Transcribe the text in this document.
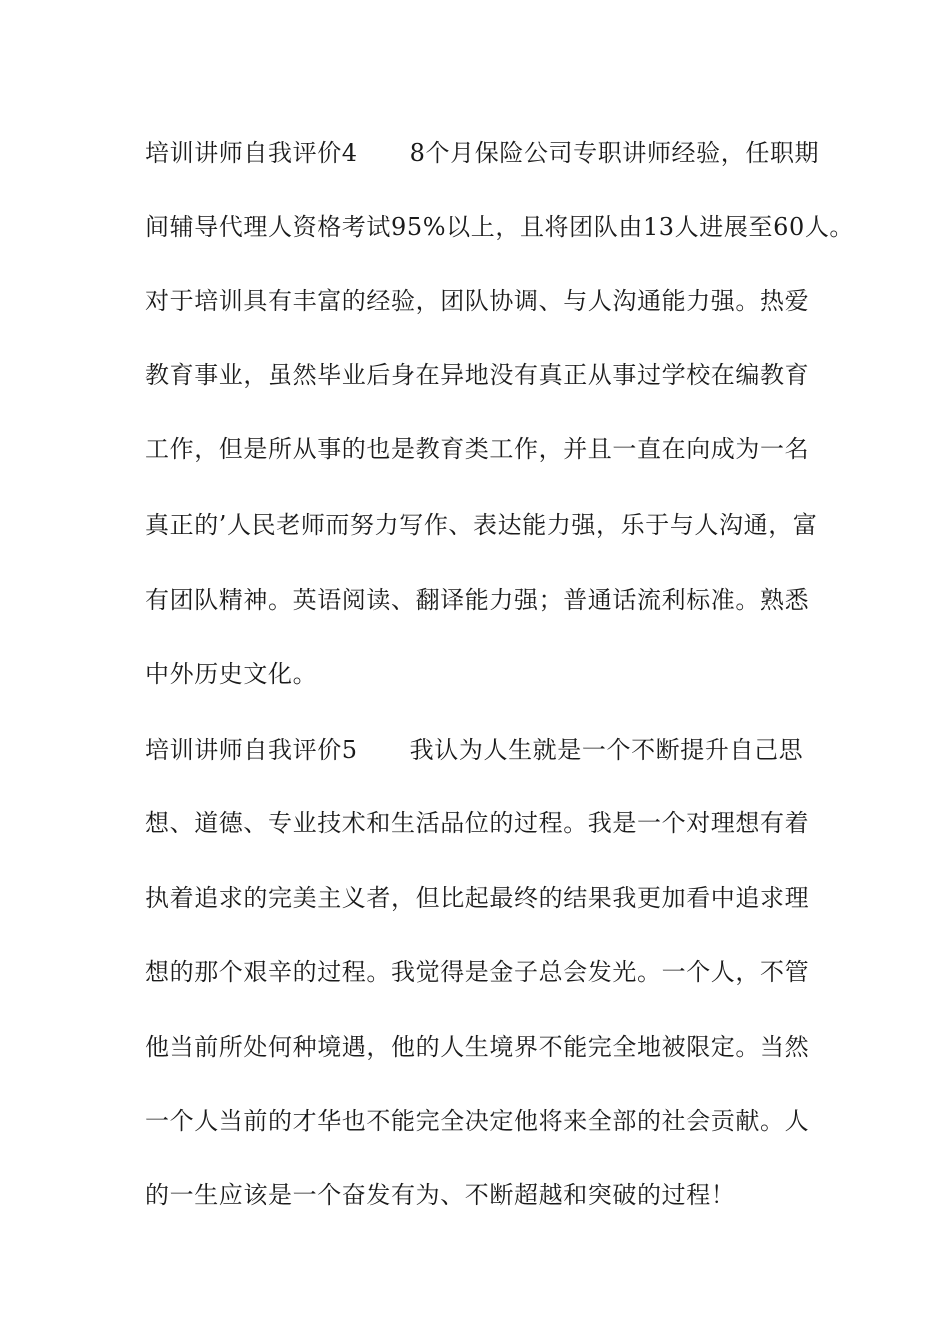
培训讲师自我评价4 8个月保险公司专职讲师经验，任职期
间辅导代理人资格考试95%以上，且将团队由13人进展至60人。
对于培训具有丰富的经验，团队协调、与人沟通能力强。热爱
教育事业，虽然毕业后身在异地没有真正从事过学校在编教育
工作，但是所从事的也是教育类工作，并且一直在向成为一名
真正的’人民老师而努力写作、表达能力强，乐于与人沟通，富
有团队精神。英语阅读、翻译能力强；普通话流利标准。熟悉
中外历史文化。
培训讲师自我评价5 我认为人生就是一个不断提升自己思
想、道德、专业技术和生活品位的过程。我是一个对理想有着
执着追求的完美主义者，但比起最终的结果我更加看中追求理
想的那个艰辛的过程。我觉得是金子总会发光。一个人，不管
他当前所处何种境遇，他的人生境界不能完全地被限定。当然
一个人当前的才华也不能完全决定他将来全部的社会贡献。人
的一生应该是一个奋发有为、不断超越和突破的过程！
